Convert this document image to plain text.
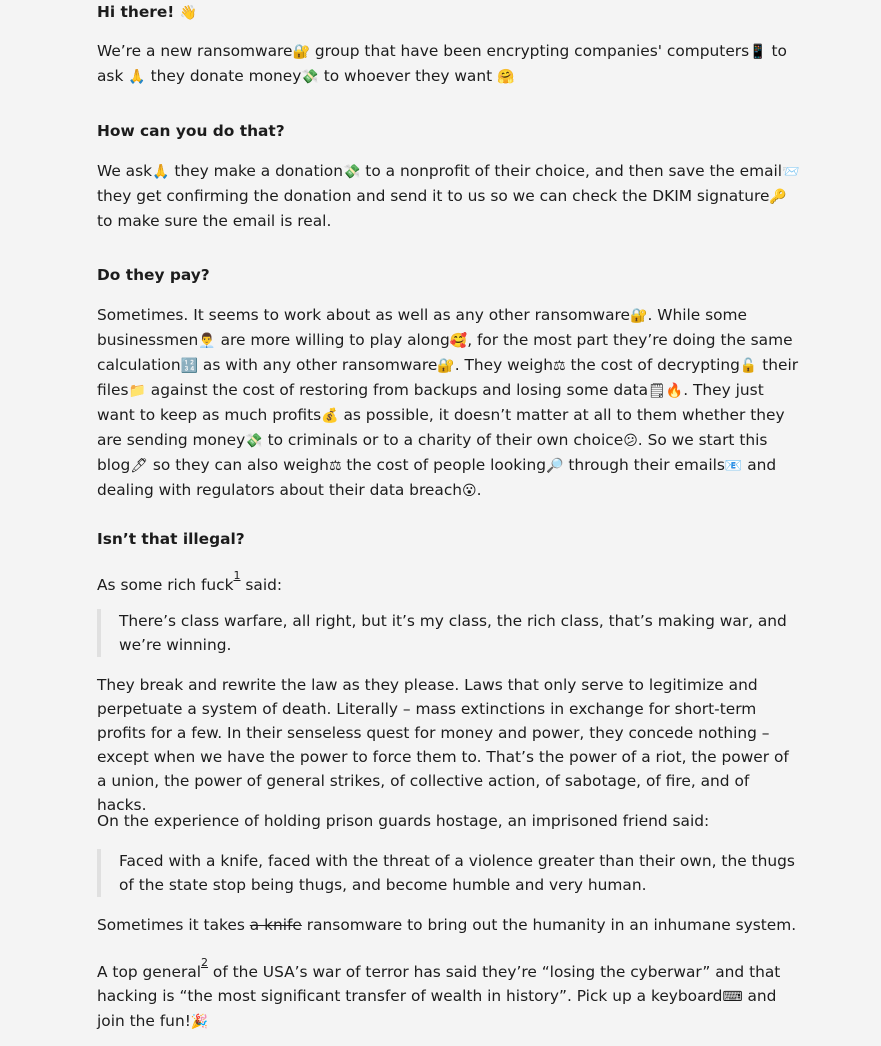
Hi there! 👋

We’re a new ransomware🔐 group that have been encrypting companies' computers📱 to ask 🙏 they donate money💸 to whoever they want 🤗

How can you do that?

We ask🙏 they make a donation💸 to a nonprofit of their choice, and then save the email📨 they get confirming the donation and send it to us so we can check the DKIM signature🔑 to make sure the email is real.

Do they pay?

Sometimes. It seems to work about as well as any other ransomware🔐. While some businessmen👨‍💼 are more willing to play along🥰, for the most part they’re doing the same calculation🔢 as with any other ransomware🔐. They weigh⚖ the cost of decrypting🔓 their files📁 against the cost of restoring from backups and losing some data🗒🔥. They just want to keep as much profits💰 as possible, it doesn’t matter at all to them whether they are sending money💸 to criminals or to a charity of their own choice😕. So we start this blog🖊 so they can also weigh⚖ the cost of people looking🔎 through their emails📧 and dealing with regulators about their data breach😮.

Isn’t that illegal?

As some rich fuck$^1$ said:

There’s class warfare, all right, but it’s my class, the rich class, that’s making war, and we’re winning.

They break and rewrite the law as they please. Laws that only serve to legitimize and perpetuate a system of death. Literally – mass extinctions in exchange for short-term profits for a few. In their senseless quest for money and power, they concede nothing – except when we have the power to force them to. That’s the power of a riot, the power of a union, the power of general strikes, of collective action, of sabotage, of fire, and of hacks.

On the experience of holding prison guards hostage, an imprisoned friend said:

Faced with a knife, faced with the threat of a violence greater than their own, the thugs of the state stop being thugs, and become humble and very human.

Sometimes it takes a knife ransomware to bring out the humanity in an inhumane system.

A top general$^2$ of the USA’s war of terror has said they’re “losing the cyberwar” and that hacking is “the most significant transfer of wealth in history”. Pick up a keyboard⌨ and join the fun!🎉
